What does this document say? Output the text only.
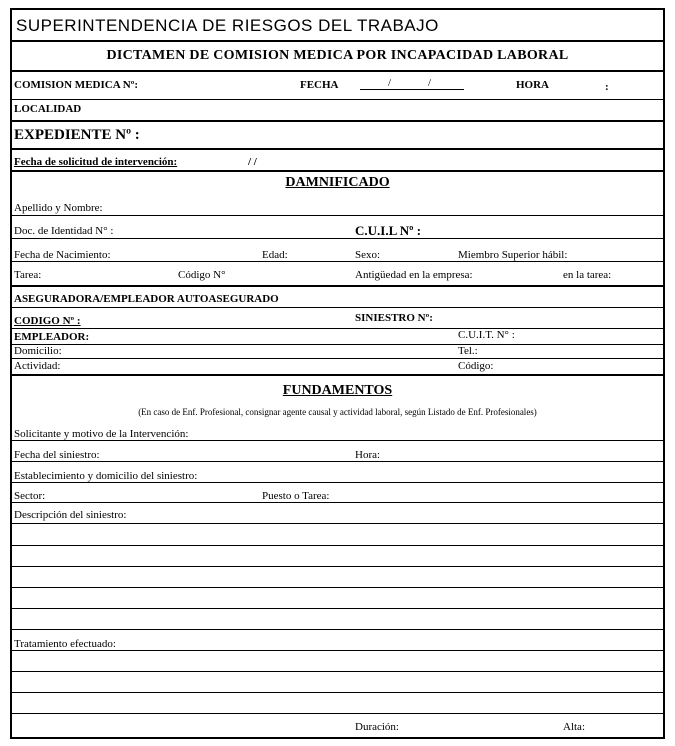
SUPERINTENDENCIA DE RIESGOS DEL TRABAJO
DICTAMEN DE COMISION MEDICA POR INCAPACIDAD LABORAL
COMISION MEDICA Nº:	FECHA	/	/	HORA	:
LOCALIDAD
EXPEDIENTE Nº :
Fecha de solicitud de intervención:	/ /
DAMNIFICADO
Apellido y Nombre:
Doc. de Identidad N° :	C.U.I.L Nº :
Fecha de Nacimiento:	Edad:	Sexo:	Miembro Superior hábil:
Tarea:	Código N°	Antigüedad en la empresa:	en la tarea:
ASEGURADORA/EMPLEADOR AUTOASEGURADO
CODIGO Nº :	SINIESTRO Nº:
EMPLEADOR:	C.U.I.T. N° :
Domicilio:	Tel.:
Actividad:	Código:
FUNDAMENTOS
(En caso de Enf. Profesional, consignar agente causal y actividad laboral, según Listado de Enf. Profesionales)
Solicitante y motivo de la Intervención:
Fecha del siniestro:	Hora:
Establecimiento y domicilio del siniestro:
Sector:	Puesto o Tarea:
Descripción del siniestro:
Tratamiento efectuado:
Duración:	Alta:
